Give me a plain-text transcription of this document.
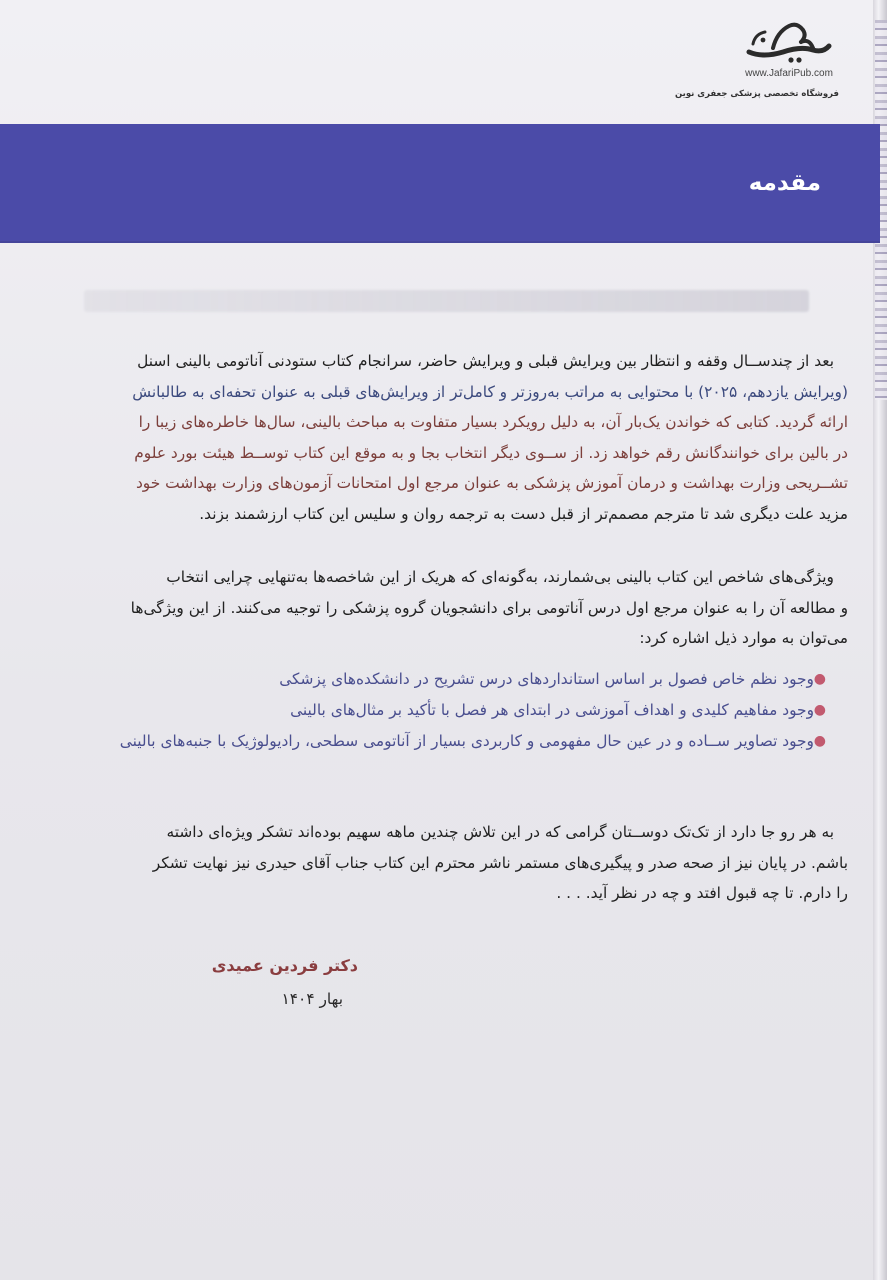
www.JafariPub.com
فروشگاه تخصصی پزشکی جعفری نوین
مقدمه

بعد از چندســال وقفه و انتظار بین ویرایش قبلی و ویرایش حاضر، سرانجام کتاب ستودنی آناتومی بالینی اسنل

(ویرایش یازدهم، ۲۰۲۵) با محتوایی به مراتب به‌روزتر و کامل‌تر از ویرایش‌های قبلی به عنوان تحفه‌ای به طالبانش

ارائه گردید. کتابی که خواندن یک‌بار آن، به دلیل رویکرد بسیار متفاوت به مباحث بالینی، سال‌ها خاطره‌های زیبا را

در بالین برای خوانندگانش رقم خواهد زد. از ســوی دیگر انتخاب بجا و به موقع این کتاب توســط هیئت بورد علوم

تشــریحی وزارت بهداشت و درمان آموزش پزشکی به عنوان مرجع اول امتحانات آزمون‌های وزارت بهداشت خود

مزید علت دیگری شد تا مترجم مصمم‌تر از قبل دست به ترجمه روان و سلیس این کتاب ارزشمند بزند.

ویژگی‌های شاخص این کتاب بالینی بی‌شمارند، به‌گونه‌ای که هریک از این شاخصه‌ها به‌تنهایی چرایی انتخاب

و مطالعه آن را به عنوان مرجع اول درس آناتومی برای دانشجویان گروه پزشکی را توجیه می‌کنند. از این ویژگی‌ها

می‌توان به موارد ذیل اشاره کرد:

●
وجود نظم خاص فصول بر اساس استانداردهای درس تشریح در دانشکده‌های پزشکی
●
وجود مفاهیم کلیدی و اهداف آموزشی در ابتدای هر فصل با تأکید بر مثال‌های بالینی
●
وجود تصاویر ســاده و در عین حال مفهومی و کاربردی بسیار از آناتومی سطحی، رادیولوژیک با جنبه‌های بالینی

به هر رو جا دارد از تک‌تک دوســتان گرامی که در این تلاش چندین ماهه سهیم بوده‌اند تشکر ویژه‌ای داشته

باشم. در پایان نیز از صحه صدر و پیگیری‌های مستمر ناشر محترم این کتاب جناب آقای حیدری نیز نهایت تشکر

را دارم. تا چه قبول افتد و چه در نظر آید. . . .

دکتر فردین عمیدی
بهار ۱۴۰۴
